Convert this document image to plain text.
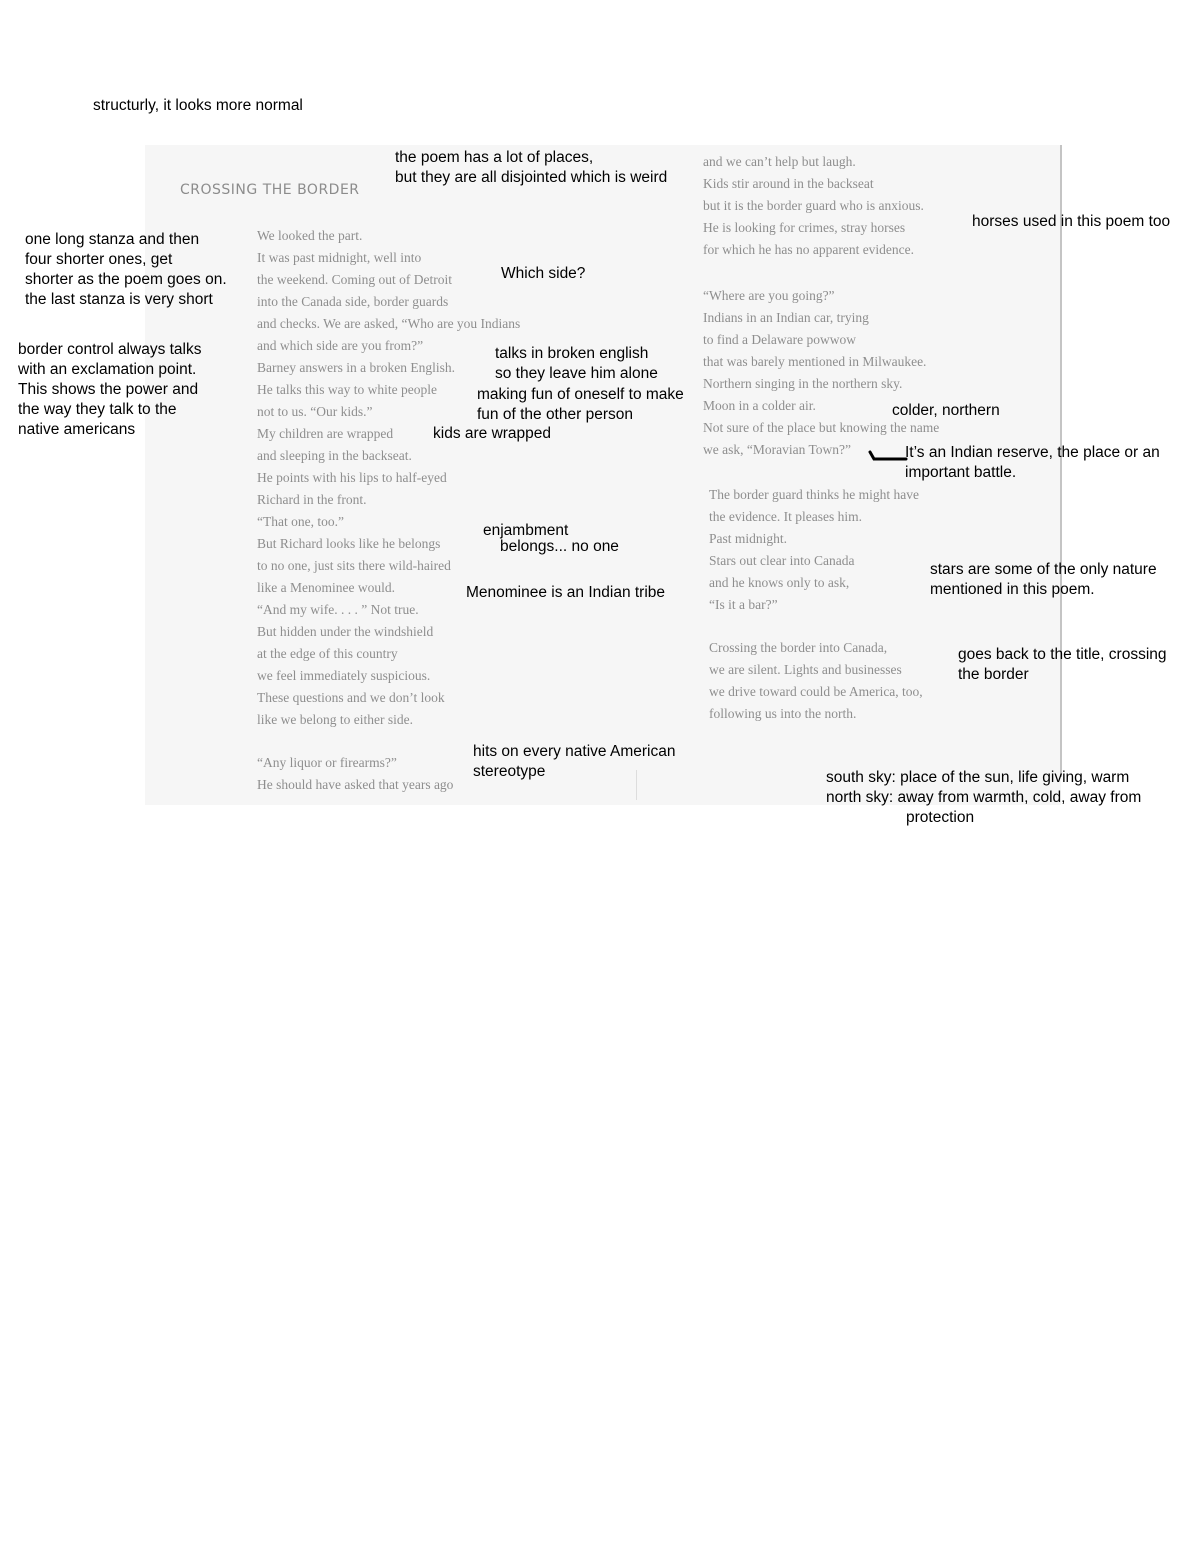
CROSSING THE BORDER
We looked the part.
It was past midnight, well into
the weekend. Coming out of Detroit
into the Canada side, border guards
and checks. We are asked, “Who are you Indians
and which side are you from?”
Barney answers in a broken English.
He talks this way to white people
not to us. “Our kids.”
My children are wrapped
and sleeping in the backseat.
He points with his lips to half-eyed
Richard in the front.
“That one, too.”
But Richard looks like he belongs
to no one, just sits there wild-haired
like a Menominee would.
“And my wife. . . . ” Not true.
But hidden under the windshield
at the edge of this country
we feel immediately suspicious.
These questions and we don’t look
like we belong to either side.
“Any liquor or firearms?”
He should have asked that years ago
and we can’t help but laugh.
Kids stir around in the backseat
but it is the border guard who is anxious.
He is looking for crimes, stray horses
for which he has no apparent evidence.
“Where are you going?”
Indians in an Indian car, trying
to find a Delaware powwow
that was barely mentioned in Milwaukee.
Northern singing in the northern sky.
Moon in a colder air.
Not sure of the place but knowing the name
we ask, “Moravian Town?”
The border guard thinks he might have
the evidence. It pleases him.
Past midnight.
Stars out clear into Canada
and he knows only to ask,
“Is it a bar?”
Crossing the border into Canada,
we are silent. Lights and businesses
we drive toward could be America, too,
following us into the north.
structurly, it looks more normal
the poem has a lot of places,
but they are all disjointed which is weird
one long stanza and then
four shorter ones, get
shorter as the poem goes on.
the last stanza is very short
border control always talks
with an exclamation point.
This shows the power and
the way they talk to the
native americans
Which side?
talks in broken english
so they leave him alone
making fun of oneself to make
fun of the other person
kids are wrapped
enjambment
belongs... no one
Menominee is an Indian tribe
hits on every native American
stereotype
horses used in this poem too
colder, northern
It’s an Indian reserve, the place or an
important battle.
stars are some of the only nature
mentioned in this poem.
goes back to the title, crossing
the border
south sky: place of the sun, life giving, warm
north sky: away from warmth, cold, away from
protection
